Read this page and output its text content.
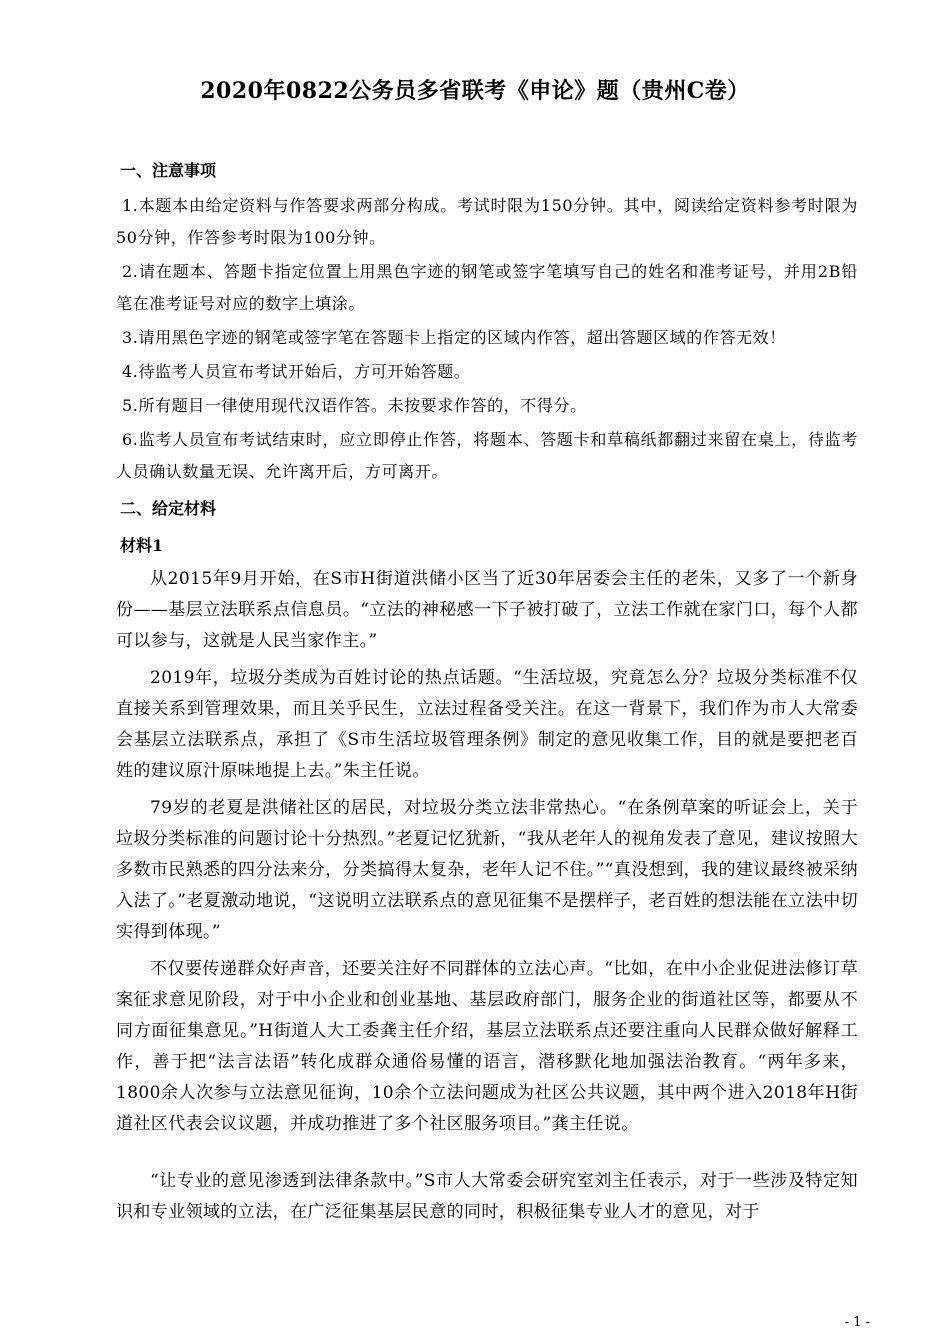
2020年0822公务员多省联考《申论》题（贵州C卷）
一、注意事项

1.本题本由给定资料与作答要求两部分构成。考试时限为150分钟。其中，阅读给定资料参考时限为50分钟，作答参考时限为100分钟。

2.请在题本、答题卡指定位置上用黑色字迹的钢笔或签字笔填写自己的姓名和准考证号，并用2B铅笔在准考证号对应的数字上填涂。

3.请用黑色字迹的钢笔或签字笔在答题卡上指定的区域内作答，超出答题区域的作答无效！

4.待监考人员宣布考试开始后，方可开始答题。

5.所有题目一律使用现代汉语作答。未按要求作答的，不得分。

6.监考人员宣布考试结束时，应立即停止作答，将题本、答题卡和草稿纸都翻过来留在桌上，待监考人员确认数量无误、允许离开后，方可离开。

二、给定材料
材料1

从2015年9月开始，在S市H街道洪储小区当了近30年居委会主任的老朱，又多了一个新身份——基层立法联系点信息员。“立法的神秘感一下子被打破了，立法工作就在家门口，每个人都可以参与，这就是人民当家作主。”

2019年，垃圾分类成为百姓讨论的热点话题。“生活垃圾，究竟怎么分？垃圾分类标准不仅直接关系到管理效果，而且关乎民生，立法过程备受关注。在这一背景下，我们作为市人大常委会基层立法联系点，承担了《S市生活垃圾管理条例》制定的意见收集工作，目的就是要把老百姓的建议原汁原味地提上去。”朱主任说。

79岁的老夏是洪储社区的居民，对垃圾分类立法非常热心。“在条例草案的听证会上，关于垃圾分类标准的问题讨论十分热烈。”老夏记忆犹新，“我从老年人的视角发表了意见，建议按照大多数市民熟悉的四分法来分，分类搞得太复杂，老年人记不住。”“真没想到，我的建议最终被采纳入法了。”老夏激动地说，“这说明立法联系点的意见征集不是摆样子，老百姓的想法能在立法中切实得到体现。”

不仅要传递群众好声音，还要关注好不同群体的立法心声。“比如，在中小企业促进法修订草案征求意见阶段，对于中小企业和创业基地、基层政府部门，服务企业的街道社区等，都要从不同方面征集意见。”H街道人大工委龚主任介绍，基层立法联系点还要注重向人民群众做好解释工作，善于把“法言法语”转化成群众通俗易懂的语言，潜移默化地加强法治教育。“两年多来，1800余人次参与立法意见征询，10余个立法问题成为社区公共议题，其中两个进入2018年H街道社区代表会议议题，并成功推进了多个社区服务项目。”龚主任说。

“让专业的意见渗透到法律条款中。”S市人大常委会研究室刘主任表示，对于一些涉及特定知识和专业领域的立法，在广泛征集基层民意的同时，积极征集专业人才的意见，对于

- 1 -
